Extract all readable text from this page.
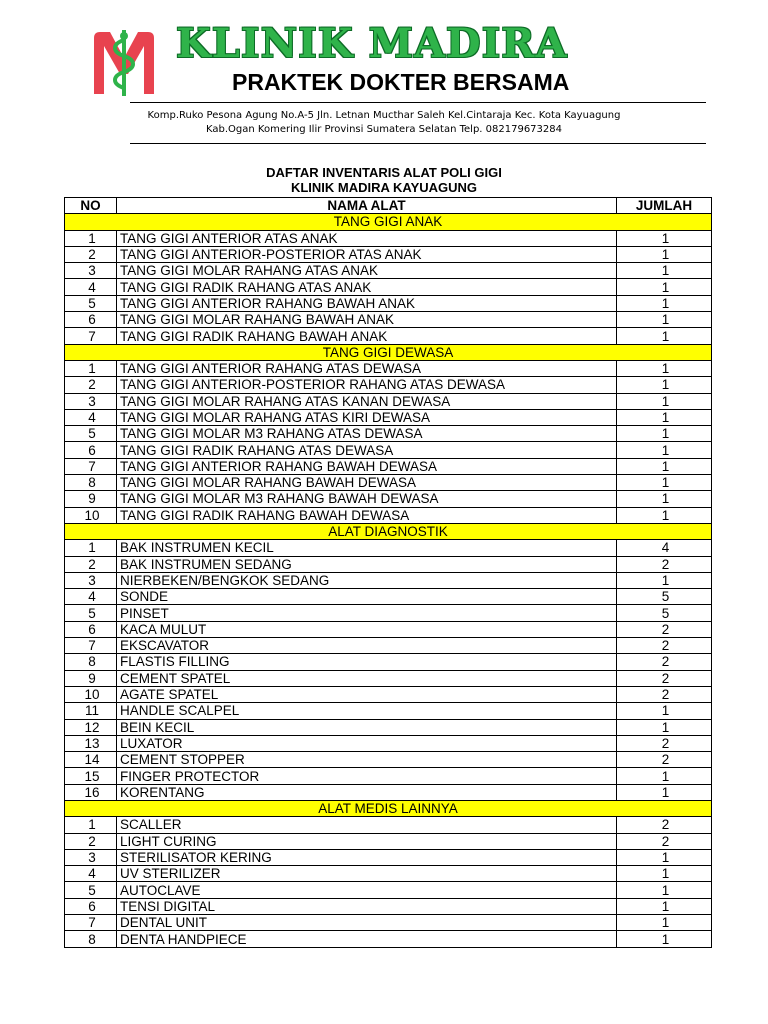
KLINIK MADIRA
PRAKTEK DOKTER BERSAMA
Komp.Ruko Pesona Agung No.A-5 Jln. Letnan Mucthar Saleh Kel.Cintaraja Kec. Kota Kayuagung
Kab.Ogan Komering Ilir Provinsi Sumatera Selatan Telp. 082179673284
DAFTAR INVENTARIS ALAT POLI GIGI
KLINIK MADIRA KAYUAGUNG
NO	NAMA ALAT	JUMLAH
TANG GIGI ANAK		
1	TANG GIGI ANTERIOR ATAS ANAK	1
2	TANG GIGI ANTERIOR-POSTERIOR ATAS ANAK	1
3	TANG GIGI MOLAR RAHANG ATAS ANAK	1
4	TANG GIGI RADIK RAHANG ATAS ANAK	1
5	TANG GIGI ANTERIOR RAHANG BAWAH ANAK	1
6	TANG GIGI MOLAR RAHANG BAWAH ANAK	1
7	TANG GIGI RADIK RAHANG BAWAH ANAK	1
TANG GIGI DEWASA		
1	TANG GIGI ANTERIOR RAHANG ATAS DEWASA	1
2	TANG GIGI ANTERIOR-POSTERIOR RAHANG ATAS DEWASA	1
3	TANG GIGI MOLAR RAHANG ATAS KANAN DEWASA	1
4	TANG GIGI MOLAR RAHANG ATAS KIRI DEWASA	1
5	TANG GIGI MOLAR M3 RAHANG ATAS DEWASA	1
6	TANG GIGI RADIK RAHANG ATAS DEWASA	1
7	TANG GIGI ANTERIOR RAHANG BAWAH DEWASA	1
8	TANG GIGI MOLAR RAHANG BAWAH DEWASA	1
9	TANG GIGI MOLAR M3 RAHANG BAWAH DEWASA	1
10	TANG GIGI RADIK RAHANG BAWAH DEWASA	1
ALAT DIAGNOSTIK		
1	BAK INSTRUMEN KECIL	4
2	BAK INSTRUMEN SEDANG	2
3	NIERBEKEN/BENGKOK SEDANG	1
4	SONDE	5
5	PINSET	5
6	KACA MULUT	2
7	EKSCAVATOR	2
8	FLASTIS FILLING	2
9	CEMENT SPATEL	2
10	AGATE SPATEL	2
11	HANDLE SCALPEL	1
12	BEIN KECIL	1
13	LUXATOR	2
14	CEMENT STOPPER	2
15	FINGER PROTECTOR	1
16	KORENTANG	1
ALAT MEDIS LAINNYA		
1	SCALLER	2
2	LIGHT CURING	2
3	STERILISATOR KERING	1
4	UV STERILIZER	1
5	AUTOCLAVE	1
6	TENSI DIGITAL	1
7	DENTAL UNIT	1
8	DENTA HANDPIECE	1
